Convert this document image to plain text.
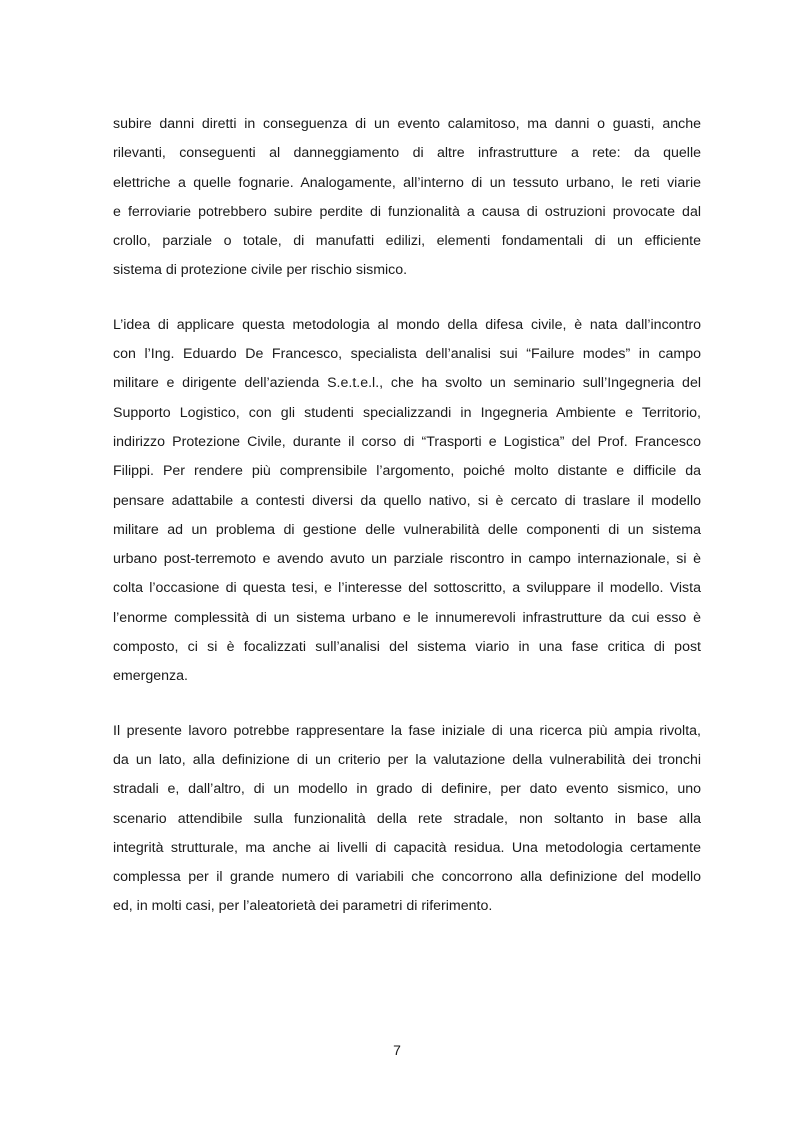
subire danni diretti in conseguenza di un evento calamitoso, ma danni o guasti, anche
rilevanti, conseguenti al danneggiamento di altre infrastrutture a rete: da quelle
elettriche a quelle fognarie. Analogamente, all’interno di un tessuto urbano, le reti viarie
e ferroviarie potrebbero subire perdite di funzionalità a causa di ostruzioni provocate dal
crollo, parziale o totale, di manufatti edilizi, elementi fondamentali di un efficiente
sistema di protezione civile per rischio sismico.

L’idea di applicare questa metodologia al mondo della difesa civile, è nata dall’incontro
con l’Ing. Eduardo De Francesco, specialista dell’analisi sui “Failure modes” in campo
militare e dirigente dell’azienda S.e.t.e.l., che ha svolto un seminario sull’Ingegneria del
Supporto Logistico, con gli studenti specializzandi in Ingegneria Ambiente e Territorio,
indirizzo Protezione Civile, durante il corso di “Trasporti e Logistica” del Prof. Francesco
Filippi. Per rendere più comprensibile l’argomento, poiché molto distante e difficile da
pensare adattabile a contesti diversi da quello nativo, si è cercato di traslare il modello
militare ad un problema di gestione delle vulnerabilità delle componenti di un sistema
urbano post-terremoto e avendo avuto un parziale riscontro in campo internazionale, si è
colta l’occasione di questa tesi, e l’interesse del sottoscritto, a sviluppare il modello. Vista
l’enorme complessità di un sistema urbano e le innumerevoli infrastrutture da cui esso è
composto, ci si è focalizzati sull’analisi del sistema viario in una fase critica di post
emergenza.

Il presente lavoro potrebbe rappresentare la fase iniziale di una ricerca più ampia rivolta,
da un lato, alla definizione di un criterio per la valutazione della vulnerabilità dei tronchi
stradali e, dall’altro, di un modello in grado di definire, per dato evento sismico, uno
scenario attendibile sulla funzionalità della rete stradale, non soltanto in base alla
integrità strutturale, ma anche ai livelli di capacità residua. Una metodologia certamente
complessa per il grande numero di variabili che concorrono alla definizione del modello
ed, in molti casi, per l’aleatorietà dei parametri di riferimento.

7
